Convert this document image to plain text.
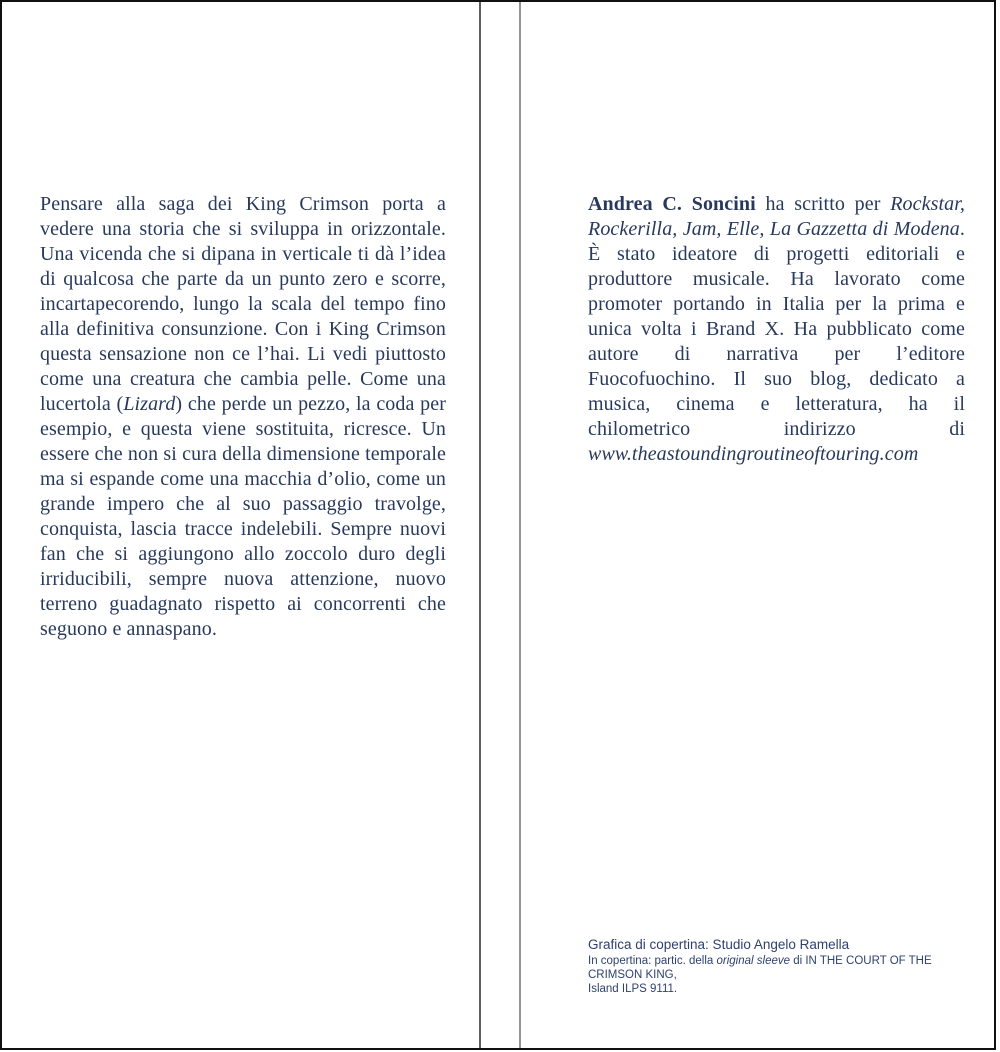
Pensare alla saga dei King Crimson porta a vedere una storia che si sviluppa in orizzontale. Una vicenda che si dipana in verticale ti dà l’idea di qualcosa che parte da un punto zero e scorre, incartapecorendo, lungo la scala del tempo fino alla definitiva consunzione. Con i King Crimson questa sensazione non ce l’hai. Li vedi piuttosto come una creatura che cambia pelle. Come una lucertola (Lizard) che perde un pezzo, la coda per esempio, e questa viene sostituita, ricresce. Un essere che non si cura della dimensione temporale ma si espande come una macchia d’olio, come un grande impero che al suo passaggio travolge, conquista, lascia tracce indelebili. Sempre nuovi fan che si aggiungono allo zoccolo duro degli irriducibili, sempre nuova attenzione, nuovo terreno guadagnato rispetto ai concorrenti che seguono e annaspano.
Andrea C. Soncini ha scritto per Rockstar, Rockerilla, Jam, Elle, La Gazzetta di Modena. È stato ideatore di progetti editoriali e produttore musicale. Ha lavorato come promoter portando in Italia per la prima e unica volta i Brand X. Ha pubblicato come autore di narrativa per l’editore Fuocofuochino. Il suo blog, dedicato a musica, cinema e letteratura, ha il chilometrico indirizzo di www.theastoundingroutineoftouring.com
Grafica di copertina: Studio Angelo Ramella
In copertina: partic. della original sleeve di IN THE COURT OF THE CRIMSON KING,
Island ILPS 9111.
